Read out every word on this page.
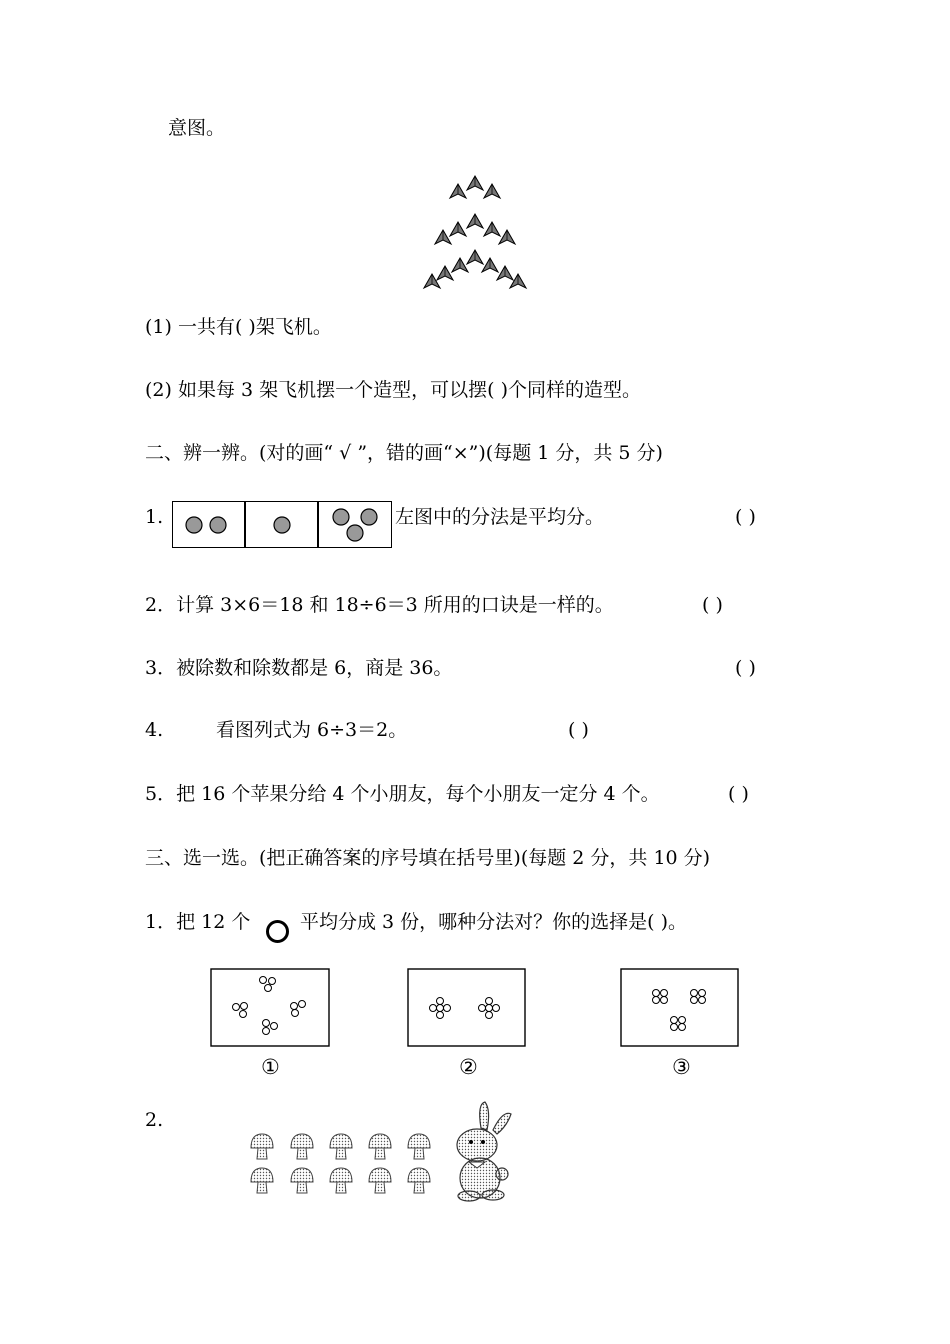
意图。
(1) 一共有( )架飞机。
(2) 如果每 3 架飞机摆一个造型，可以摆( )个同样的造型。
二、辨一辨。(对的画“ √ ”，错的画“×”)(每题 1 分，共 5 分)
1.	左图中的分法是平均分。	( )
2．计算 3×6＝18 和 18÷6＝3 所用的口诀是一样的。	( )
3．被除数和除数都是 6，商是 36。	( )
4.	看图列式为 6÷3＝2。	( )
5．把 16 个苹果分给 4 个小朋友，每个小朋友一定分 4 个。	( )
三、选一选。(把正确答案的序号填在括号里)(每题 2 分，共 10 分)
1．把 12 个	平均分成 3 份，哪种分法对？你的选择是( )。
①	②	③
2.
